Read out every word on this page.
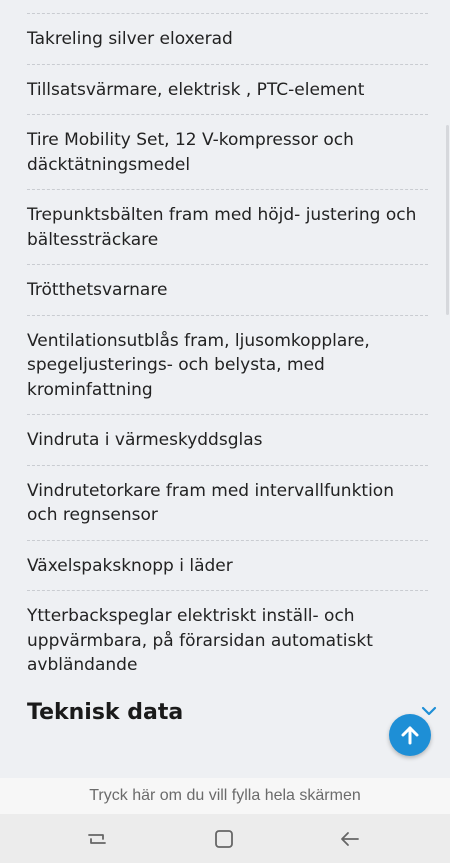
Takreling silver eloxerad
Tillsatsvärmare, elektrisk , PTC-element
Tire Mobility Set, 12 V-kompressor och däcktätningsmedel
Trepunktsbälten fram med höjd- justering och bältessträckare
Trötthetsvarnare
Ventilationsutblås fram, ljusomkopplare, spegeljusterings- och belysta, med krominfattning
Vindruta i värmeskyddsglas
Vindrutetorkare fram med intervallfunktion och regnsensor
Växelspaksknopp i läder
Ytterbackspeglar elektriskt inställ- och uppvärmbara, på förarsidan automatiskt avbländande
Teknisk data
Tryck här om du vill fylla hela skärmen
